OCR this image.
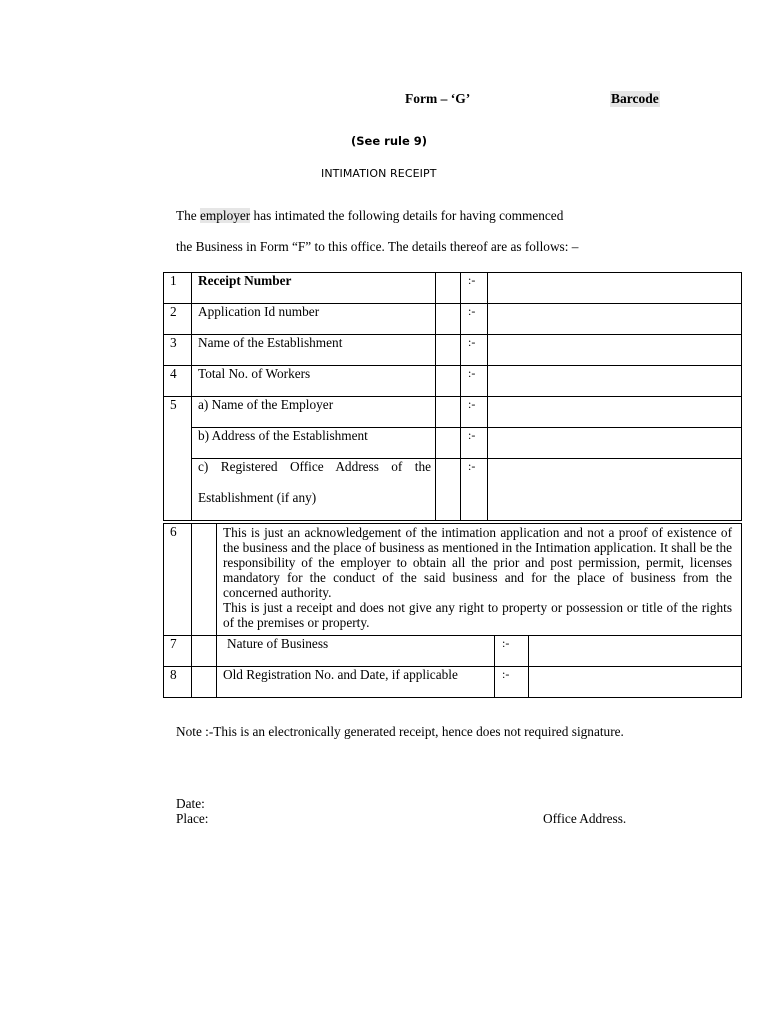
Form – ‘G’	Barcode
(See rule 9)
INTIMATION RECEIPT
The employer has intimated the following details for having commenced
the Business in Form “F” to this office. The details thereof are as follows: –
1	Receipt Number		:-	
2	Application Id number		:-	
3	Name of the Establishment		:-	
4	Total No. of Workers		:-	
5	a) Name of the Employer		:-	
	b) Address of the Establishment		:-	

	c) Registered Office Address of the
Establishment (if any)		:-	
6		This is just an acknowledgement of the intimation application and not a proof of existence of the business and the place of business as mentioned in the Intimation application. It shall be the responsibility of the employer to obtain all the prior and post permission, permit, licenses mandatory for the conduct of the said business and for the place of business from the concerned authority.
This is just a receipt and does not give any right to property or possession or title of the rights of the premises or property.		

7		Nature of Business	:-	
8		Old Registration No. and Date, if applicable	:-	
Note :-This is an electronically generated receipt, hence does not required signature.
Date:
Place:	Office Address.
